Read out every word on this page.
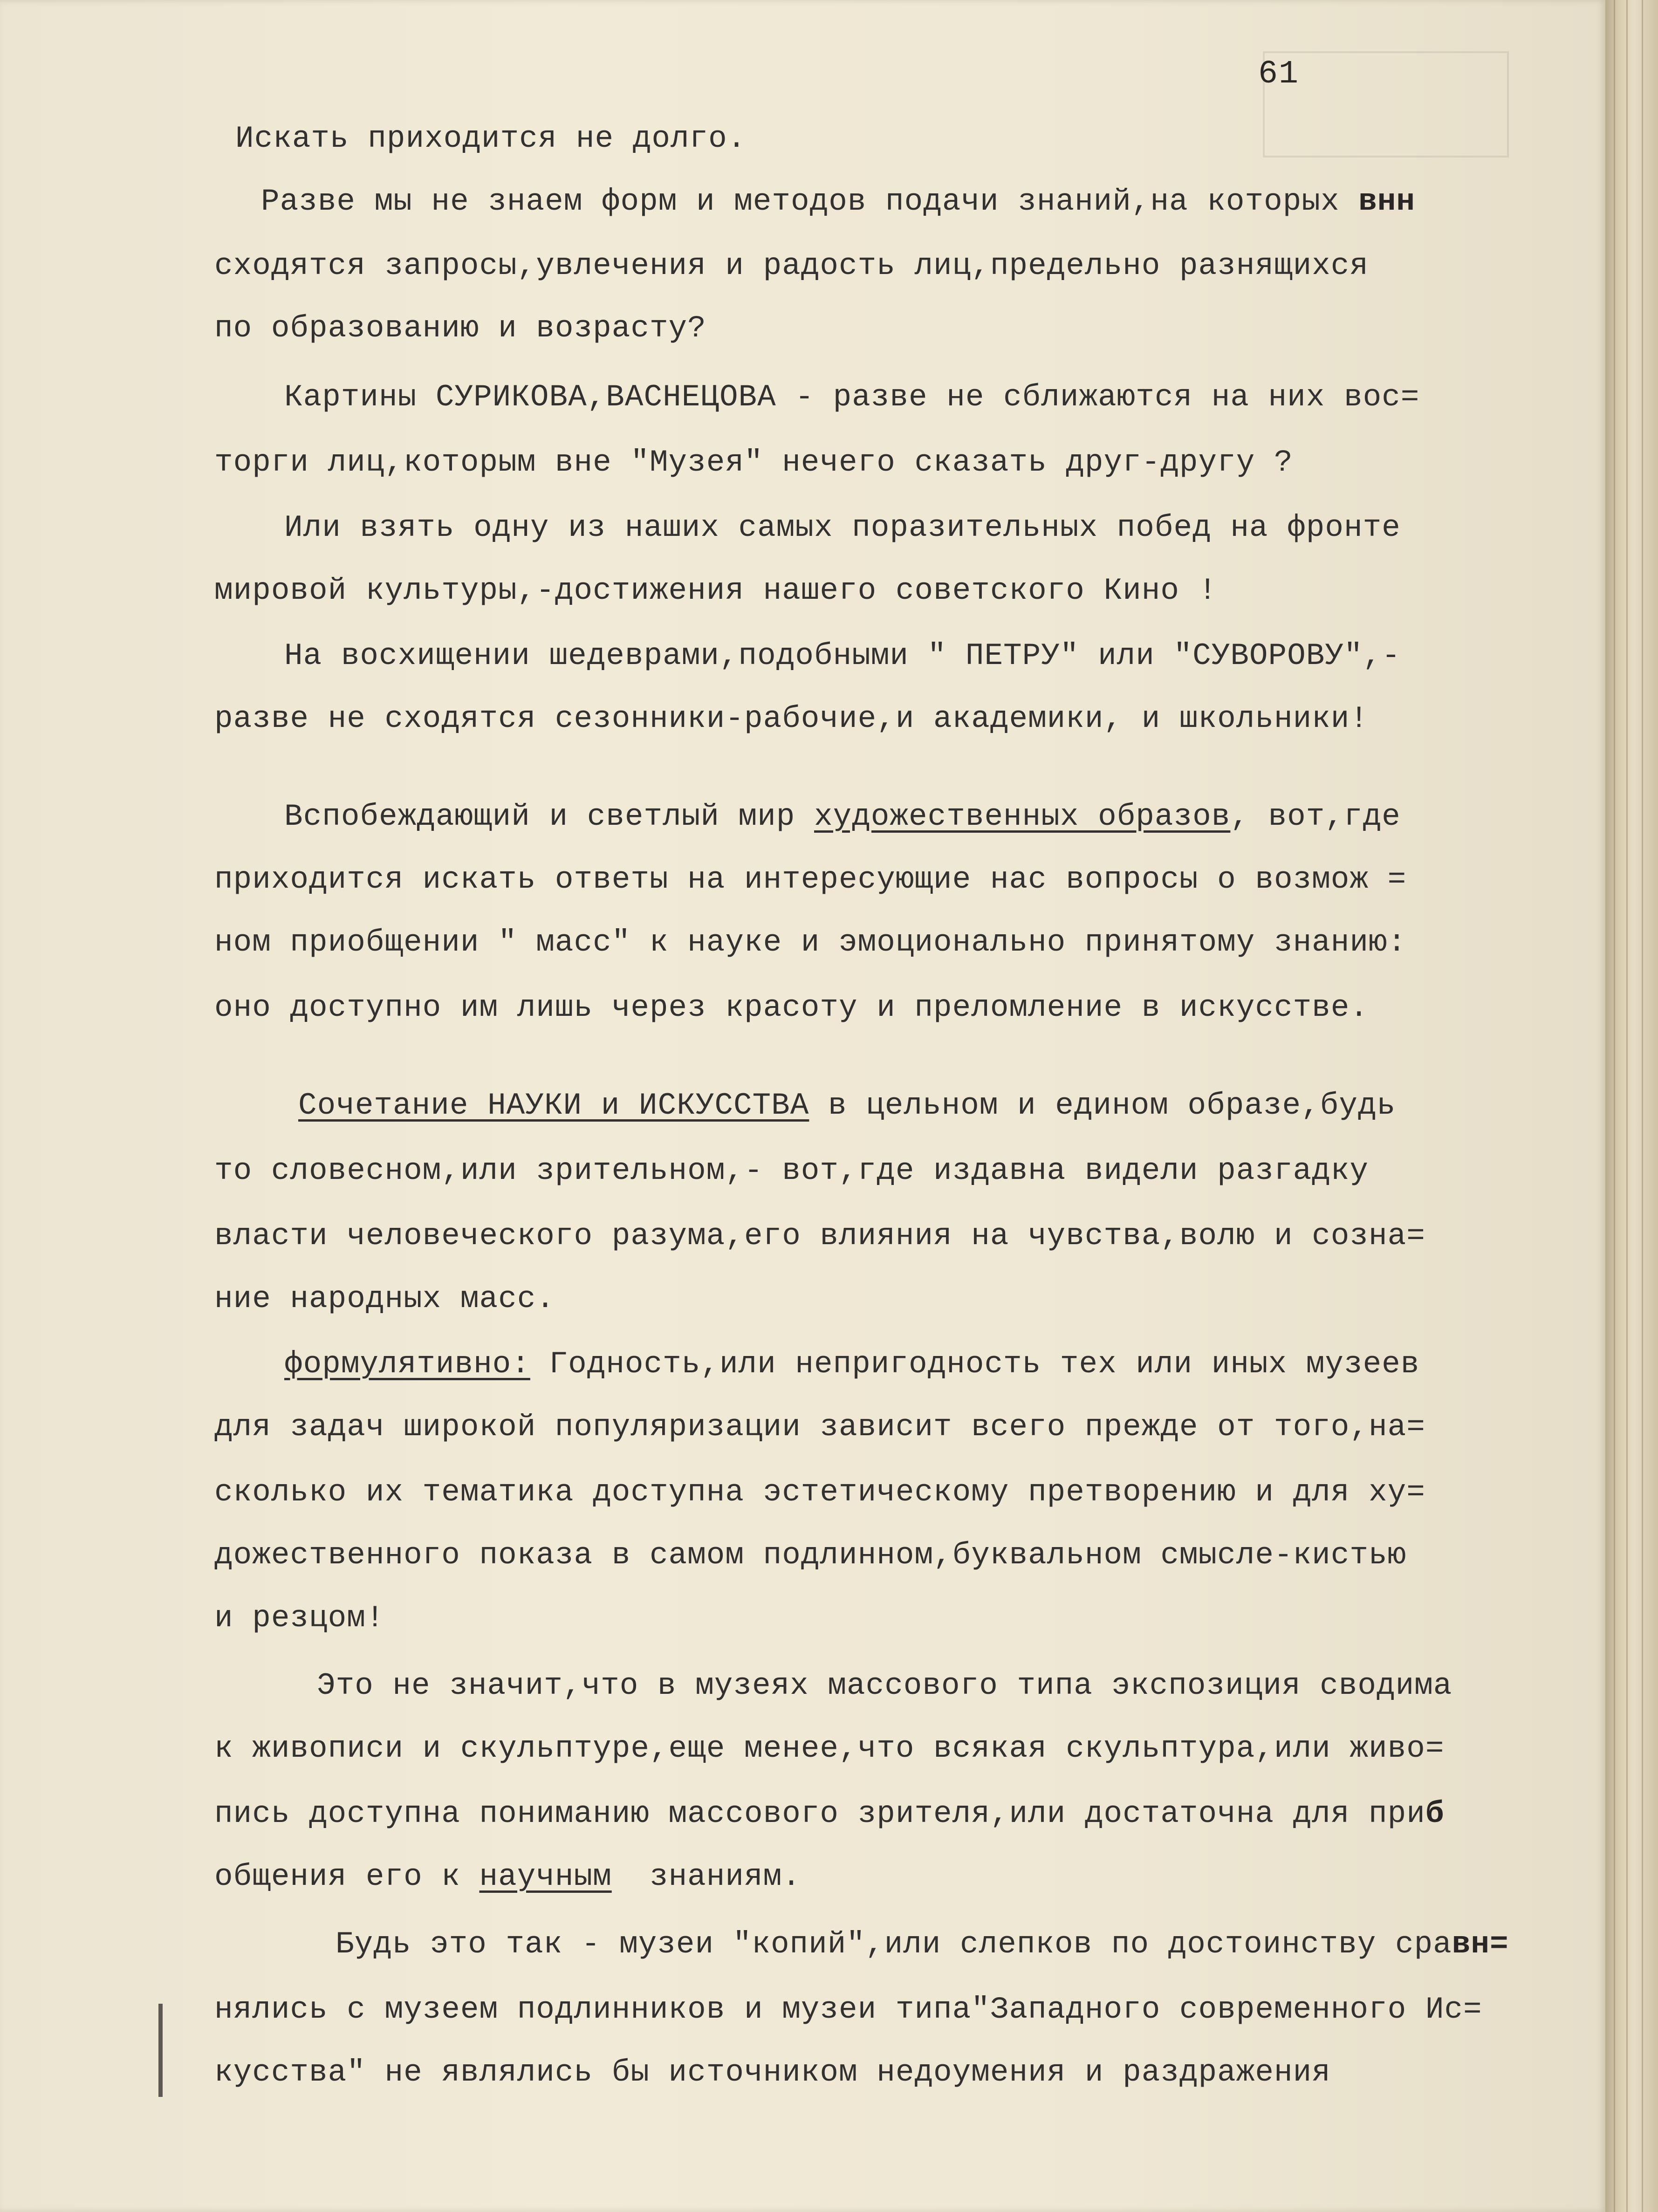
61
Искать приходится не долго.
Разве мы не знаем форм и методов подачи знаний,на которых внн
сходятся запросы,увлечения и радость лиц,предельно разнящихся
по образованию и возрасту?
Картины СУРИКОВА,ВАСНЕЦОВА - разве не сближаются на них вос=
торги лиц,которым вне "Музея" нечего сказать друг-другу ?
Или взять одну из наших самых поразительных побед на фронте
мировой культуры,-достижения нашего советского Кино !
На восхищении шедеврами,подобными " ПЕТРУ" или "СУВОРОВУ",-
разве не сходятся сезонники-рабочие,и академики, и школьники!
Вспобеждающий и светлый мир художественных образов, вот,где
приходится искать ответы на интересующие нас вопросы о возмож =
ном приобщении " масс" к науке и эмоционально принятому знанию:
оно доступно им лишь через красоту и преломление в искусстве.
Сочетание НАУКИ и ИСКУССТВА в цельном и едином образе,будь
то словесном,или зрительном,- вот,где издавна видели разгадку
власти человеческого разума,его влияния на чувства,волю и созна=
ние народных масс.
формулятивно: Годность,или непригодность тех или иных музеев
для задач широкой популяризации зависит всего прежде от того,на=
сколько их тематика доступна эстетическому претворению и для ху=
дожественного показа в самом подлинном,буквальном смысле-кистью
и резцом!
Это не значит,что в музеях массового типа экспозиция сводима
к живописи и скульптуре,еще менее,что всякая скульптура,или живо=
пись доступна пониманию массового зрителя,или достаточна для приб
общения его к научным  знаниям.
Будь это так - музеи "копий",или слепков по достоинству сравн=
нялись с музеем подлинников и музеи типа"Западного современного Ис=
кусства" не являлись бы источником недоумения и раздражения
